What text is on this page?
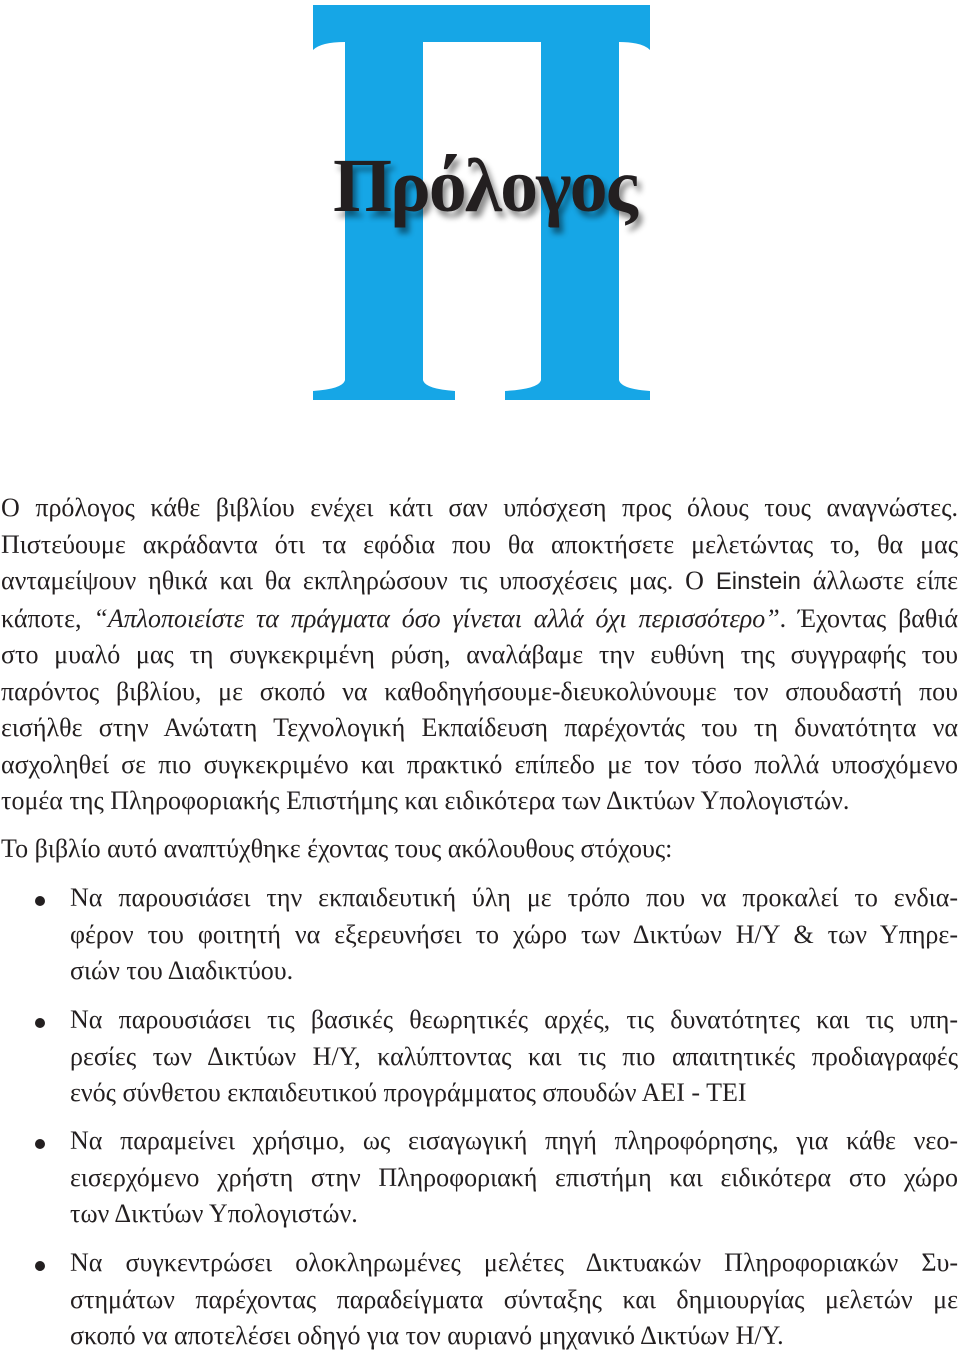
Πρόλογος
Ο πρόλογος κάθε βιβλίου ενέχει κάτι σαν υπόσχεση προς όλους τους αναγνώστες.
Πιστεύουμε ακράδαντα ότι τα εφόδια που θα αποκτήσετε μελετώντας το, θα μας
ανταμείψουν ηθικά και θα εκπληρώσουν τις υποσχέσεις μας. Ο Einstein άλλωστε είπε
κάποτε, “Απλοποιείστε τα πράγματα όσο γίνεται αλλά όχι περισσότερο”. Έχοντας βαθιά
στο μυαλό μας τη συγκεκριμένη ρύση, αναλάβαμε την ευθύνη της συγγραφής του
παρόντος βιβλίου, με σκοπό να καθοδηγήσουμε-διευκολύνουμε τον σπουδαστή που
εισήλθε στην Ανώτατη Τεχνολογική Εκπαίδευση παρέχοντάς του τη δυνατότητα να
ασχοληθεί σε πιο συγκεκριμένο και πρακτικό επίπεδο με τον τόσο πολλά υποσχόμενο
τομέα της Πληροφοριακής Επιστήμης και ειδικότερα των Δικτύων Υπολογιστών.
Το βιβλίο αυτό αναπτύχθηκε έχοντας τους ακόλουθους στόχους:
Να παρουσιάσει την εκπαιδευτική ύλη με τρόπο που να προκαλεί το ενδια-
φέρον του φοιτητή να εξερευνήσει το χώρο των Δικτύων Η/Υ & των Υπηρε-
σιών του Διαδικτύου.
Να παρουσιάσει τις βασικές θεωρητικές αρχές, τις δυνατότητες και τις υπη-
ρεσίες των Δικτύων Η/Υ, καλύπτοντας και τις πιο απαιτητικές προδιαγραφές
ενός σύνθετου εκπαιδευτικού προγράμματος σπουδών ΑΕΙ - ΤΕΙ
Να παραμείνει χρήσιμο, ως εισαγωγική πηγή πληροφόρησης, για κάθε νεο-
εισερχόμενο χρήστη στην Πληροφοριακή επιστήμη και ειδικότερα στο χώρο
των Δικτύων Υπολογιστών.
Να συγκεντρώσει ολοκληρωμένες μελέτες Δικτυακών Πληροφοριακών Συ-
στημάτων παρέχοντας παραδείγματα σύνταξης και δημιουργίας μελετών με
σκοπό να αποτελέσει οδηγό για τον αυριανό μηχανικό Δικτύων Η/Υ.
